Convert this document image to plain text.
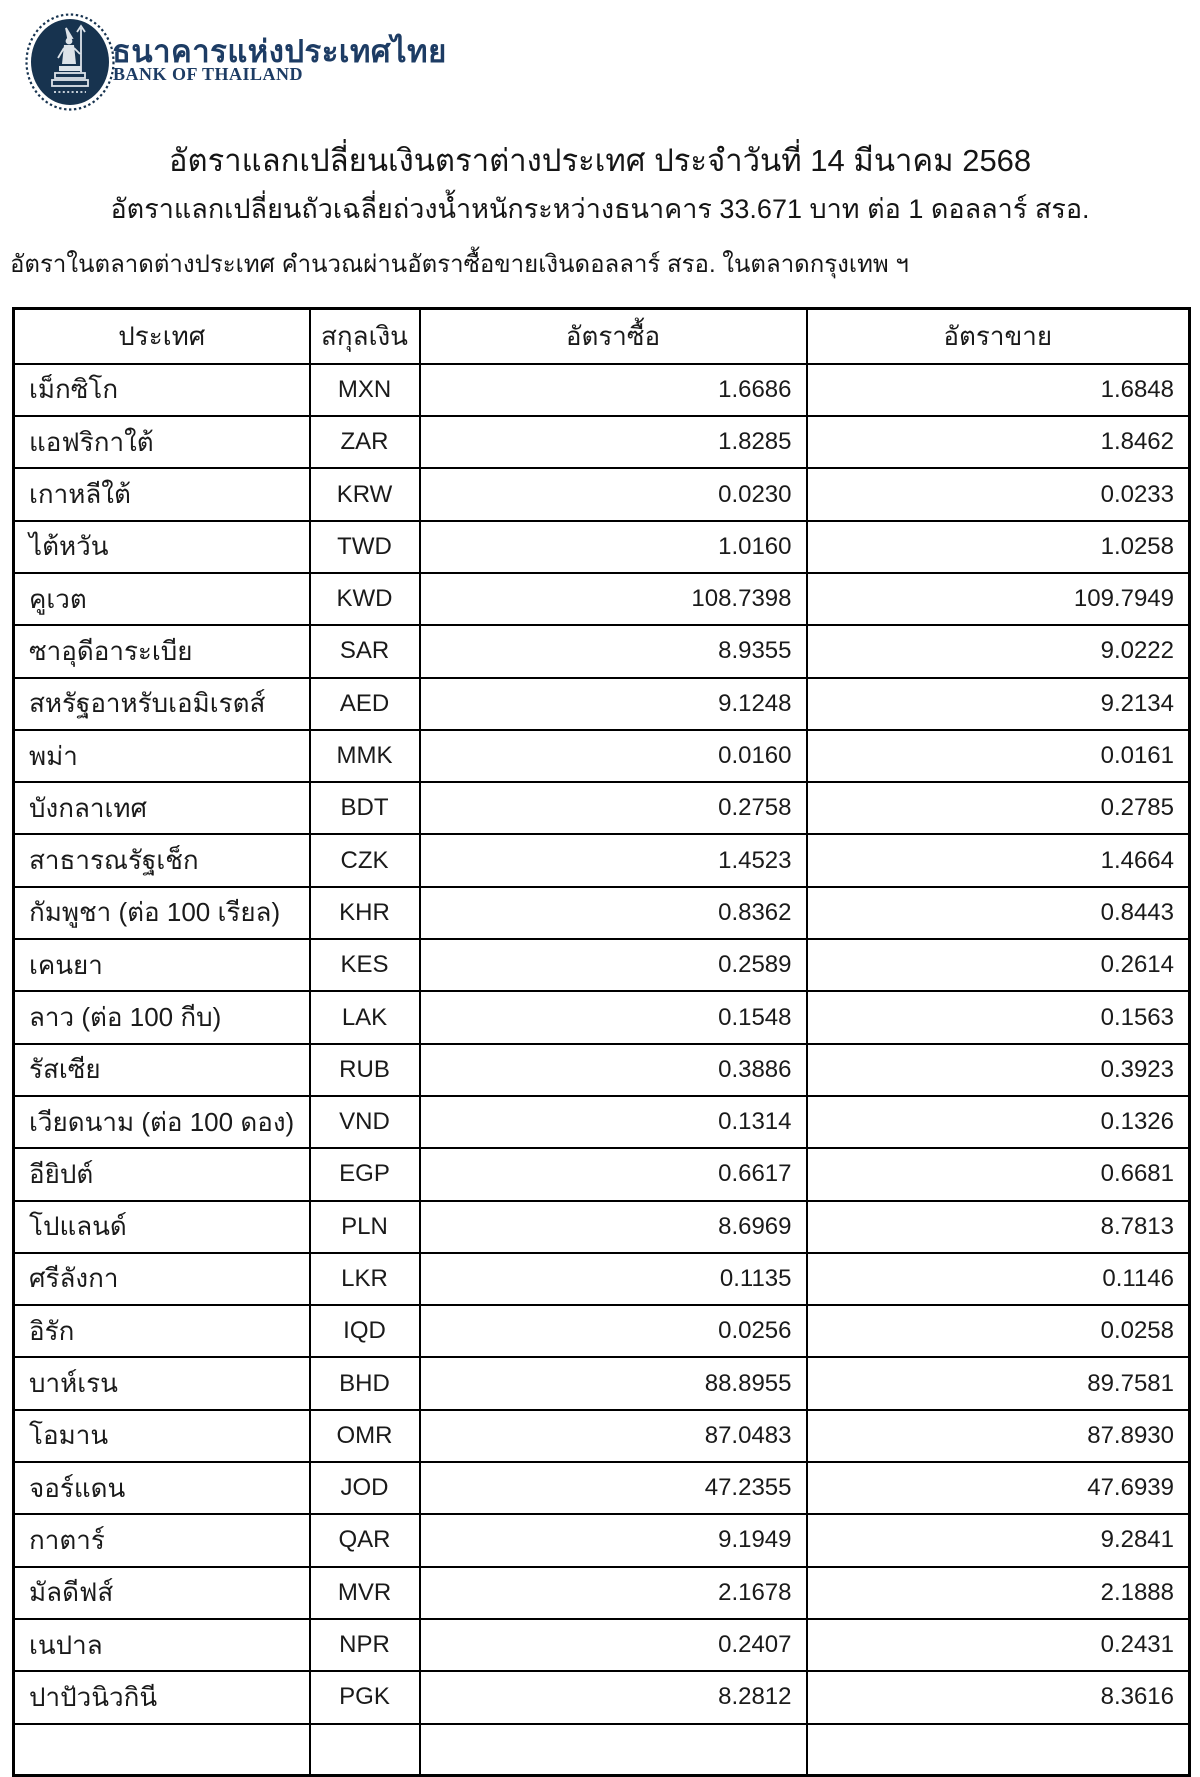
ธนาคารแห่งประเทศไทย
BANK OF THAILAND
อัตราแลกเปลี่ยนเงินตราต่างประเทศ ประจำวันที่ 14 มีนาคม 2568
อัตราแลกเปลี่ยนถัวเฉลี่ยถ่วงน้ำหนักระหว่างธนาคาร 33.671 บาท ต่อ 1 ดอลลาร์ สรอ.
อัตราในตลาดต่างประเทศ คำนวณผ่านอัตราซื้อขายเงินดอลลาร์ สรอ. ในตลาดกรุงเทพ ฯ
ประเทศ	สกุลเงิน	อัตราซื้อ	อัตราขาย
เม็กซิโก	MXN	1.6686	1.6848
แอฟริกาใต้	ZAR	1.8285	1.8462
เกาหลีใต้	KRW	0.0230	0.0233
ไต้หวัน	TWD	1.0160	1.0258
คูเวต	KWD	108.7398	109.7949
ซาอุดีอาระเบีย	SAR	8.9355	9.0222
สหรัฐอาหรับเอมิเรตส์	AED	9.1248	9.2134
พม่า	MMK	0.0160	0.0161
บังกลาเทศ	BDT	0.2758	0.2785
สาธารณรัฐเช็ก	CZK	1.4523	1.4664
กัมพูชา (ต่อ 100 เรียล)	KHR	0.8362	0.8443
เคนยา	KES	0.2589	0.2614
ลาว (ต่อ 100 กีบ)	LAK	0.1548	0.1563
รัสเซีย	RUB	0.3886	0.3923
เวียดนาม (ต่อ 100 ดอง)	VND	0.1314	0.1326
อียิปต์	EGP	0.6617	0.6681
โปแลนด์	PLN	8.6969	8.7813
ศรีลังกา	LKR	0.1135	0.1146
อิรัก	IQD	0.0256	0.0258
บาห์เรน	BHD	88.8955	89.7581
โอมาน	OMR	87.0483	87.8930
จอร์แดน	JOD	47.2355	47.6939
กาตาร์	QAR	9.1949	9.2841
มัลดีฟส์	MVR	2.1678	2.1888
เนปาล	NPR	0.2407	0.2431
ปาปัวนิวกินี	PGK	8.2812	8.3616
